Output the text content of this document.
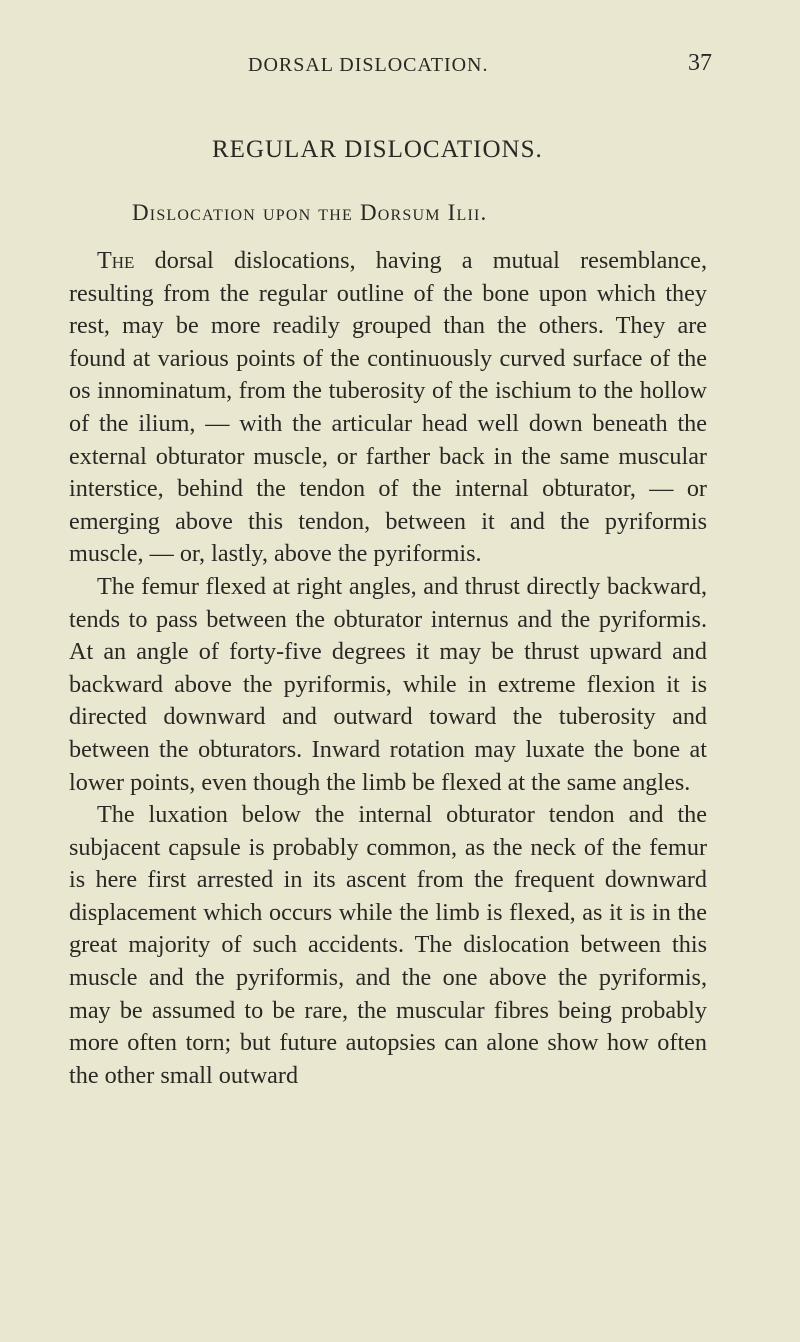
DORSAL DISLOCATION.	37
REGULAR DISLOCATIONS.
Dislocation upon the Dorsum Ilii.

The dorsal dislocations, having a mutual resemblance, resulting from the regular outline of the bone upon which they rest, may be more readily grouped than the others. They are found at various points of the continuously curved surface of the os innominatum, from the tuberosity of the ischium to the hollow of the ilium, — with the articular head well down beneath the external obturator muscle, or farther back in the same muscular interstice, behind the tendon of the internal obturator, — or emerging above this tendon, between it and the pyriformis muscle, — or, lastly, above the pyriformis.

The femur flexed at right angles, and thrust directly backward, tends to pass between the obturator internus and the pyriformis. At an angle of forty-five degrees it may be thrust upward and backward above the pyriformis, while in extreme flexion it is directed downward and outward toward the tuberosity and between the obturators. Inward rotation may luxate the bone at lower points, even though the limb be flexed at the same angles.

The luxation below the internal obturator tendon and the subjacent capsule is probably common, as the neck of the femur is here first arrested in its ascent from the frequent downward displacement which occurs while the limb is flexed, as it is in the great majority of such accidents. The dislocation between this muscle and the pyriformis, and the one above the pyriformis, may be assumed to be rare, the muscular fibres being probably more often torn; but future autopsies can alone show how often the other small outward
